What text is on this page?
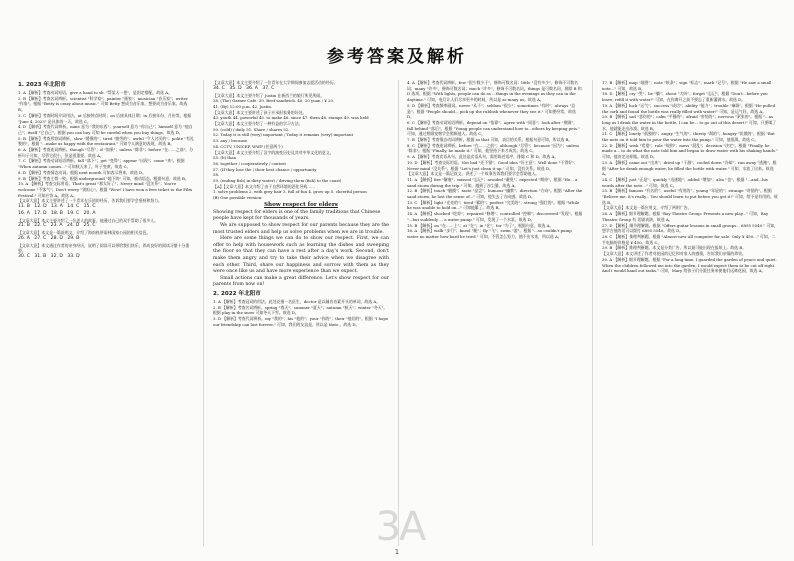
参考答案及解析
1. 2023 年北阳市
1. A 【解析】考查动词短语。give a hand to sb. "帮某人一把"，是固定搭配。故选 A。
2. B 【解析】考查名词辨析。scientist "科学家"；painter "画家"；musician "音乐家"；writer "作家"。根据 "Betty is crazy about music." 可知 Betty 想成为音乐家，想要成为音乐家。故选 B。
3. C 【解析】考查时间介词用法。at 后接钟点时间；on 后接具体日期；in 后接年份、月份等。根据 "June 4, 2023" 是具体的一天，故选 C。
4. D 【解析】考查代词辨析。mine 意为 "我的东西"；yourself 意为 "你自己"；himself 意为 "他自己"；itself "它自己"。根据 you can buy 可知 be careful when you buy things，故选 D。
5. B 【解析】考查形容词辨析。slow "缓慢的"；tired "疲劳的"；awful "令人讨厌的"；polite "有礼貌的"。根据 "...make us happy with the restaurant." 可知令人满意的表现，故选 B。
6. A 【解析】考查连词辨析。though "尽管"；if "如果"；unless "除非"；before "在……之前"。分析句子可知，尽管它很小，但是很重要。故选 A。
7. C 【解析】考查动词短语辨析。fall "落下"；get "变得"；appear "出现"；come "来"。根据 "When autumn comes..." 可知秋天来了，叶子变黄。故选 C。
8. D 【解析】考查情态动词。根据 next month 可知表示将来，故选 D。
9. B 【解析】考查主谓一致。根据 underground "地下的" 可知，被动语态。根据句意，故选 B。
10. A 【解析】考查交际用语。That's great "那太好了"；Never mind "没关系"；You're welcome "不客气"；Don't worry "别担心"。根据 "Wow! I have won a free ticket to the Film Festival." 可知应答 A。故选 A。
【文章大意】本文主要讲述了一个青年在乐团的经历，告诉我们要学会坚持和努力。
11. B   12. D   13. A   14. C   15. C
16. A   17. D   18. B   19. C   20. A
【文章大意】本文主要介绍了一位老人的故事，他通过自己的双手帮助了很多人。
21. B   22. C   23. A   24. D   25. C
【文章大意】本文是一篇说明文，介绍了海南热带雨林国家公园的相关信息。
26. A   27. C   28. D   29. B
【文章大意】本文通过作者的亲身经历，说明了阅读可以带给我们快乐，养成良好的阅读习惯十分重要。
30. C   31. B   32. D   33. D
【文章大意】本文主要介绍了一位青年在大学期间参加志愿活动的经历。
34. C   35. D   36. A   37. C
【文章大意】本文主要介绍了 Justin 在新西兰的旅行所见所闻。
38. (The) Garner Cafe. 39. Beef sandwich. 40. 20 yuan / ¥ 20.
41. (By) 12:00 p.m. 42. Justin.
【文章大意】本文主要讲述了孩子应承担家务的好处。
43. youth 44. powerful 45. to make 46. since 47. them 48. stamps 49. was held
【文章大意】本文主要介绍了一种有益的学习方法。
50. (cold) / daily 51. Share / shares 52.
52. Today it is still (very) important / Today it remains (very) important
53. any / because
54. CCTV, UNICEF, WWF (任意两个)
【文章大意】本文主要介绍了汉字的演变历史及其对中华文化的意义。
55. (b) than
56. together / cooperatively / contest
57. (If they lose the / their best chance / opportunity
58.
59. (ending fish) in dirty water) / driving them (fish) to the coast)
【A】【文章大意】本文介绍了由于自然环境的恶化导致……
1. solve problems 2. with grey hair 3. full of fun 4. grow up 5. cheerful person
(B) One possible version:
Show respect for elders
Showing respect for elders is one of the family traditions that Chinese people have kept for thousands of years.
We are supposed to show respect for our parents because they are the most trusted elders and help us solve problems when we are in trouble.
Here are some things we can do to show our respect. First, we can offer to help with housework such as learning the dishes and sweeping the floor so that they can have a rest after a day's work. Second, don't make them angry and try to take their advice when we disagree with each other. Third, share our happiness and sorrow with them as they were once like us and have more experience than we expect.
Small actions can make a great difference. Let's show respect for our parents from now on!
2. 2022 年北阳市
1. A 【解析】考查冠词的用法。此处泛指一名医生，doctor 是以辅音音素开头的单词，故选 A。
2. B 【解析】考查名词辨析。spring "春天"；summer "夏天"；autumn "秋天"；winter "冬天"。根据 play in the snow 可知冬天下雪。故选 D。
3. D 【解析】考查代词辨析。my "我的"；his "他的"；your "你的"；their "他们的"。根据 "I hope our friendship can last forever." 可知，我们的友谊是，所以是 their 。故选 D。
4. A 【解析】考查代词辨析。few "很少数少于"，修饰可数名词；little "没有多少"，修饰不可数名词；many "许多"，修饰可数名词；much "许多"，修饰不可数名词。things 是可数名词，排除 B 和 D 选项。根据 "With lights, people can do as ...things in the evenings as they can in the daytime." 可知，电灯让人们尽享更多的时间，所以是 as many as。故选 A。
5. D 【解析】考查频率副词。never "从不"；seldom "很少"；sometimes "有时"；always "总是"。根据 "People should... pick up the rubbish whenever they see it." 可知要经常，故选 D。
6. C 【解析】考查动词短语辨析。depend on "依靠"；agree with "同意"；look after "照顾"；fall behind "落后"。根据 "Young people can understand how to...others by keeping pets." 可知，通过照顾宠物学会照顾他人。故选 C。
7. B 【解析】考查情态动词辨析。根据 so that 可知，表目的关系。根据句意可知，所以选 B。
8. C 【解析】考查连词辨析。before "在……之前"；although "尽管"；because "因为"；unless "除非"。根据 "Finally, he made it." 可知，他坚持下来才成功。故选 C。
9. A 【解析】考查宾语从句。此处是宾语从句，需用陈述语序，排除 C 和 D。故选 A。
10. D 【解析】考查交际用语。Not bad "还不错"；Good idea "好主意"；Well done "干得好"；Never mind "没关系"。根据 "Let's just clean it up." 可知，没有关系。故选 D。
【文章大意】本文是一篇记叙文，讲述了一个故事告诉我们要学会帮助他人。
11. A 【解析】fire "解雇"；missed "忘记"；avoided "避免"；expected "期待"。根据 "He... a sand storm during the trip." 可知，遇到了沙尘暴，故选 A。
12. B 【解析】touch "触摸"；taste "品尝"；humour "幽默"；direction "方向"。根据 "After the sand storm, he lost the sense of..." 可知，他失去了方向感。故选 D。
13. C 【解析】light "光亮的"；tired "累的"；perfect "完美的"；strong "强壮的"。根据 "While he was unable to hold on..." 可知他累了。故选 B。
14. A 【解析】shocked "吃惊"；repaired "修理"；controlled "控制"；discovered "发现"。根据 "...but suddenly ... a water pump." 可知，发现了一个水泵，故选 D。
15. B 【解析】on "在……上"；at "在"；in "在"；for "为了"。根据句意，故选 A。
16. A 【解析】walk "步行"；kneel "跪"；fly "飞"；swim "游"。根据 "...so couldn't pump water no matter how hard he tried." 可知，不管怎么努力，抽不出水来，所以选 A。
17. B 【解析】map "地图"；note "纸条"；sign "标志"；mark "记号"。根据 "He saw a small note..." 可知，故选 B。
18. D 【解析】cry "哭"；lie "躺"；shout "大叫"；forget "忘记"。根据 "Don't...before you leave, refill it with water!" 可知，在你离开之前不要忘了重新灌满水。故选 D。
19. A 【解析】luck "运气"；success "成功"；ability "能力"；trouble "麻烦"。根据 "He pulled the cork and found the bottle was really filled with water!" 可知，是运气好。故选 A。
20. B 【解析】sad "悲伤的"；calm "平静的"；afraid "害怕的"；nervous "紧张的"。根据 "...as long as I drink the water in the bottle, I can be... to go out of this desert!" 可知，只要喝了水，他就能走出沙漠。故选 B。
21. C 【解析】lonely "孤独的"；angry "生气的"；thirsty "渴的"；hungry "饥饿的"。根据 "But the note on it told him to pour the water into the pump." 可知，他很渴。故选 C。
22. D 【解析】wish "希望"；rule "规则"；mess "混乱"；decision "决定"。根据 "Finally, he made a... to do what the note told him and began to draw water with his shaking hands." 可知，他决定这样做。故选 D。
23. A 【解析】came out "出来"；dried up "干涸"；cooled down "冷却"；ran away "逃跑"。根据 "After he drank enough water, he filled the bottle with water." 可知，水流了出来。故选 A。
24. C 【解析】just "正是"；quickly "迅速地"；added "增加"；also "也"。根据 "...and...his words after the note..." 可知，故选 C。
25. B 【解析】famous "有名的"；useful "有用的"；young "年轻的"；strange "奇怪的"。根据 "Believe me, it's really... You should learn to put before you get it!" 可知，给予是有用的。故选 B。
【文章大意】本文是一篇应用文，介绍了两则广告。
26. A 【解析】细节理解题。根据 "Bay Theatre Group: Presents a new play..." 可知，Bay Theatre Group 有 话剧表演，故选 A。
27. D 【解析】细节理解题。根据 "Offers guitar lessons in small groups... 6895 5540." 可知，想学吉他的话可以拨打 6895 5540。故选 D。
28. C 【解析】推理判断题。根据 "Almost-new All computer for sale. Only ¥ 450..." 可知，二手电脑的价格是 ¥ 450。故选 C。
29. B 【解析】推理判断题。本文是分类广告，所以最可能出现在报纸上。故选 B。
【文章大意】本文讲述了作者对花园的记忆和对家人的感情，告诉我们亲情的珍贵。
30. A 【解析】细节理解题。根据 "For a long time, I guarded the garden of peace and quiet. When the children followed me into the garden, I would expect them to be cut off right. And I would hand out tasks." 可知，Mary 给孩子们分派任务来使他们远离花园，故选 A。
3A
1
